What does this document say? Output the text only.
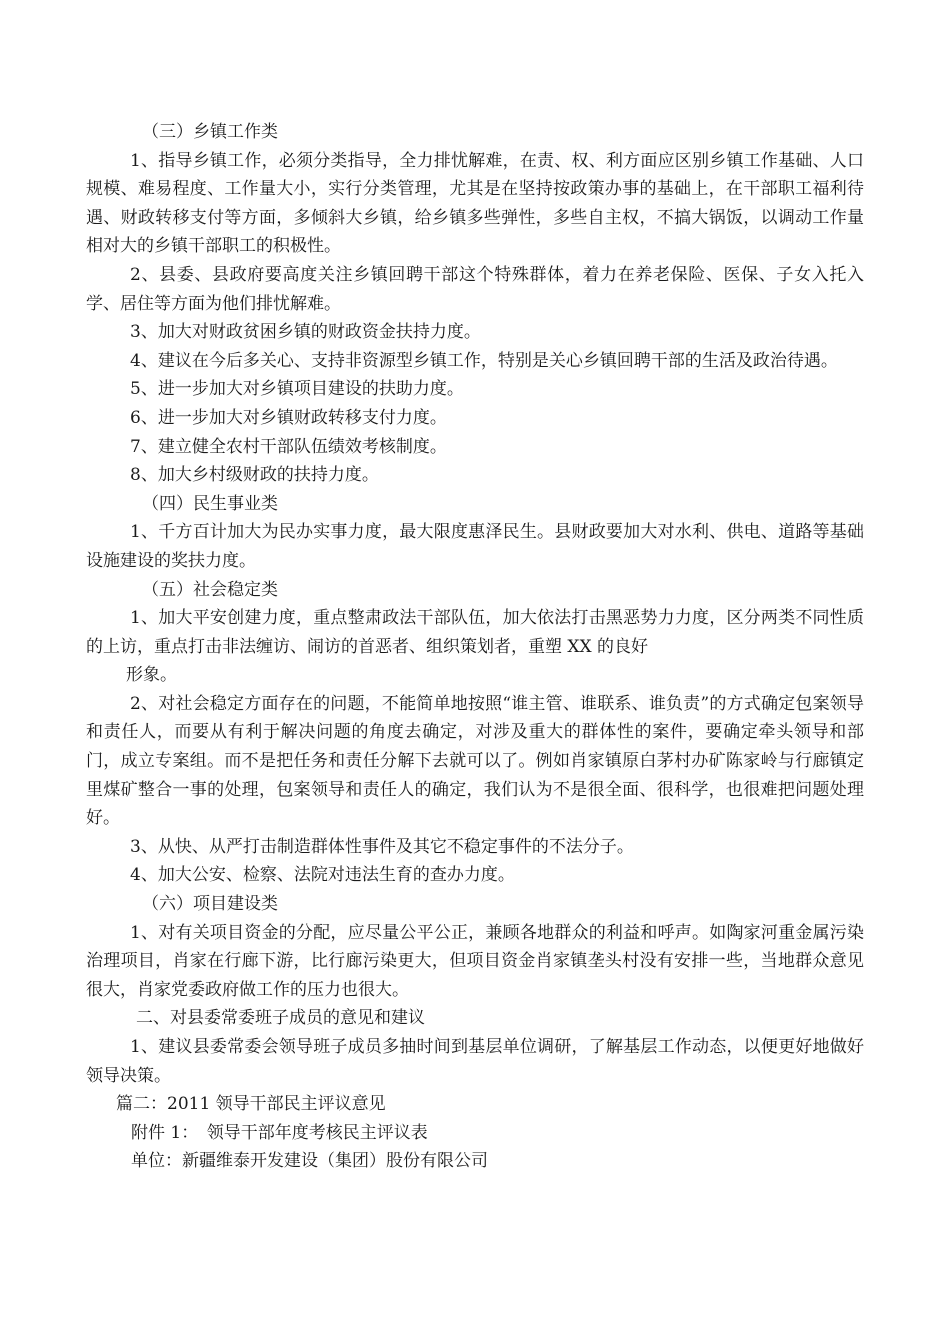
（三）乡镇工作类

1、指导乡镇工作，必须分类指导，全力排忧解难，在责、权、利方面应区别乡镇工作基础、人口规模、难易程度、工作量大小，实行分类管理，尤其是在坚持按政策办事的基础上，在干部职工福利待遇、财政转移支付等方面，多倾斜大乡镇，给乡镇多些弹性，多些自主权，不搞大锅饭，以调动工作量相对大的乡镇干部职工的积极性。

2、县委、县政府要高度关注乡镇回聘干部这个特殊群体，着力在养老保险、医保、子女入托入学、居住等方面为他们排忧解难。

3、加大对财政贫困乡镇的财政资金扶持力度。

4、建议在今后多关心、支持非资源型乡镇工作，特别是关心乡镇回聘干部的生活及政治待遇。

5、进一步加大对乡镇项目建设的扶助力度。

6、进一步加大对乡镇财政转移支付力度。

7、建立健全农村干部队伍绩效考核制度。

8、加大乡村级财政的扶持力度。

（四）民生事业类

1、千方百计加大为民办实事力度，最大限度惠泽民生。县财政要加大对水利、供电、道路等基础设施建设的奖扶力度。

（五）社会稳定类

1、加大平安创建力度，重点整肃政法干部队伍，加大依法打击黑恶势力力度，区分两类不同性质的上访，重点打击非法缠访、闹访的首恶者、组织策划者，重塑 XX 的良好

形象。

2、对社会稳定方面存在的问题，不能简单地按照“谁主管、谁联系、谁负责”的方式确定包案领导和责任人，而要从有利于解决问题的角度去确定，对涉及重大的群体性的案件，要确定牵头领导和部门，成立专案组。而不是把任务和责任分解下去就可以了。例如肖家镇原白茅村办矿陈家岭与行廊镇定里煤矿整合一事的处理，包案领导和责任人的确定，我们认为不是很全面、很科学，也很难把问题处理好。

3、从快、从严打击制造群体性事件及其它不稳定事件的不法分子。

4、加大公安、检察、法院对违法生育的查办力度。

（六）项目建设类

1、对有关项目资金的分配，应尽量公平公正，兼顾各地群众的利益和呼声。如陶家河重金属污染治理项目，肖家在行廊下游，比行廊污染更大，但项目资金肖家镇垄头村没有安排一些，当地群众意见很大，肖家党委政府做工作的压力也很大。

二、对县委常委班子成员的意见和建议

1、建议县委常委会领导班子成员多抽时间到基层单位调研，了解基层工作动态，以便更好地做好领导决策。

篇二：2011 领导干部民主评议意见

附件 1：　领导干部年度考核民主评议表

单位：新疆维泰开发建设（集团）股份有限公司
